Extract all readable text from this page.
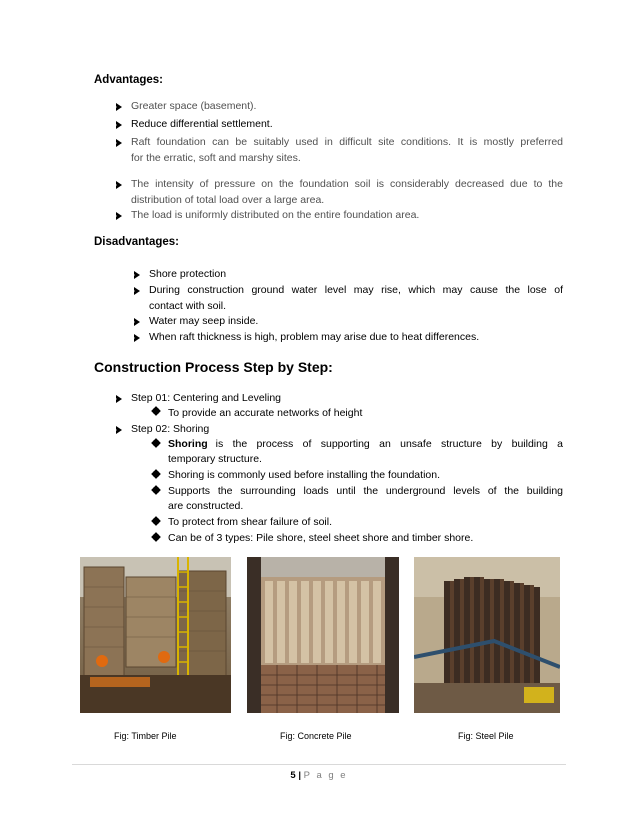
Advantages:
Greater space (basement).
Reduce differential settlement.
Raft foundation can be suitably used in difficult site conditions. It is mostly preferred
for the erratic, soft and marshy sites.
The intensity of pressure on the foundation soil is considerably decreased due to the
distribution of total load over a large area.
The load is uniformly distributed on the entire foundation area.
Disadvantages:
Shore protection
During construction ground water level may rise, which may cause the lose of
contact with soil.
Water may seep inside.
When raft thickness is high, problem may arise due to heat differences.
Construction Process Step by Step:
Step 01: Centering and Leveling
To provide an accurate networks of height
Step 02: Shoring
Shoring is the process of supporting an unsafe structure by building a
temporary structure.
Shoring is commonly used before installing the foundation.
Supports the surrounding loads until the underground levels of the building
are constructed.
To protect from shear failure of soil.
Can be of 3 types: Pile shore, steel sheet shore and timber shore.
Fig: Timber Pile	Fig: Concrete Pile	Fig: Steel Pile
5 | P a g e
